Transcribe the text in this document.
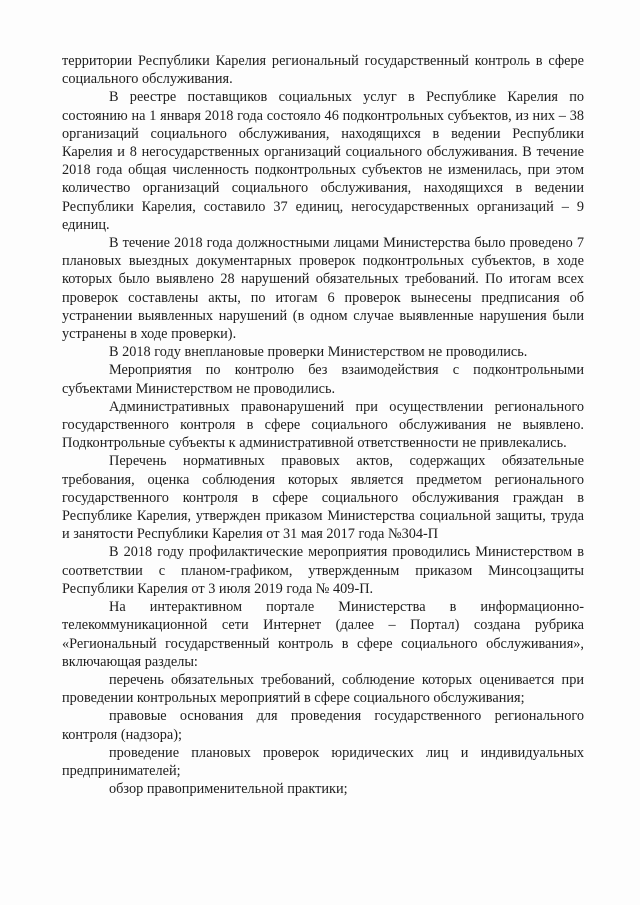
территории Республики Карелия региональный государственный контроль в сфере социального обслуживания.

В реестре поставщиков социальных услуг в Республике Карелия по состоянию на 1 января 2018 года состояло 46 подконтрольных субъектов, из них – 38 организаций социального обслуживания, находящихся в ведении Республики Карелия и 8 негосударственных организаций социального обслуживания. В течение 2018 года общая численность подконтрольных субъектов не изменилась, при этом количество организаций социального обслуживания, находящихся в ведении Республики Карелия, составило 37 единиц, негосударственных организаций – 9 единиц.

В течение 2018 года должностными лицами Министерства было проведено 7 плановых выездных документарных проверок подконтрольных субъектов, в ходе которых было выявлено 28 нарушений обязательных требований. По итогам всех проверок составлены акты, по итогам 6 проверок вынесены предписания об устранении выявленных нарушений (в одном случае выявленные нарушения были устранены в ходе проверки).

В 2018 году внеплановые проверки Министерством не проводились.

Мероприятия по контролю без взаимодействия с подконтрольными субъектами Министерством не проводились.

Административных правонарушений при осуществлении регионального государственного контроля в сфере социального обслуживания не выявлено. Подконтрольные субъекты к административной ответственности не привлекались.

Перечень нормативных правовых актов, содержащих обязательные требования, оценка соблюдения которых является предметом регионального государственного контроля в сфере социального обслуживания граждан в Республике Карелия, утвержден приказом Министерства социальной защиты, труда и занятости Республики Карелия от 31 мая 2017 года №304-П

В 2018 году профилактические мероприятия проводились Министерством в соответствии с планом-графиком, утвержденным приказом Минсоцзащиты Республики Карелия от 3 июля 2019 года № 409-П.

На интерактивном портале Министерства в информационно-телекоммуникационной сети Интернет (далее – Портал) создана рубрика «Региональный государственный контроль в сфере социального обслуживания», включающая разделы:

перечень обязательных требований, соблюдение которых оценивается при проведении контрольных мероприятий в сфере социального обслуживания;

правовые основания для проведения государственного регионального контроля (надзора);

проведение плановых проверок юридических лиц и индивидуальных предпринимателей;

обзор правоприменительной практики;
